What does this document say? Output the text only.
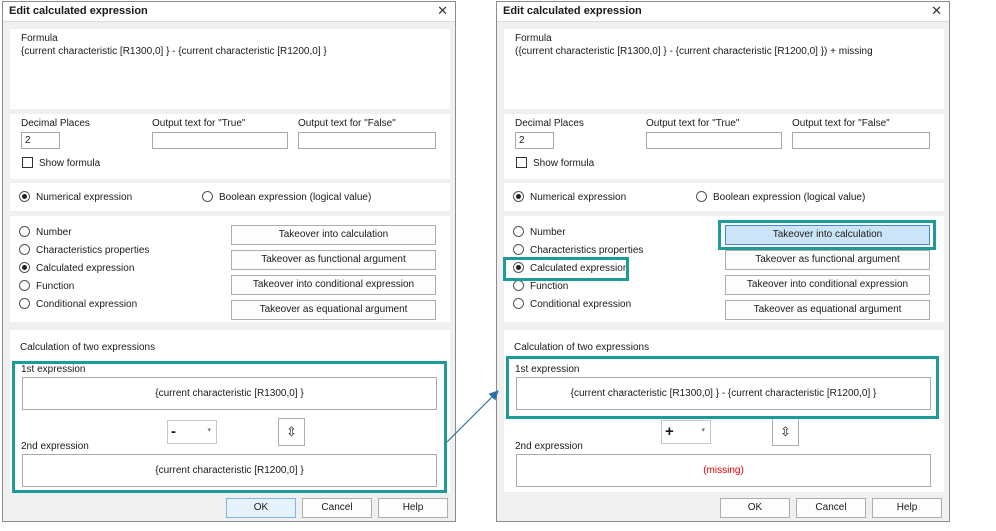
Edit calculated expression	✕
Formula
{current characteristic [R1300,0] } - {current characteristic [R1200,0] }
Decimal Places
2
Output text for "True"	Output text for "False"
Show formula
Numerical expression	Boolean expression (logical value)
Number
Characteristics properties
Calculated expression
Function
Conditional expression
Takeover into calculation
Takeover as functional argument
Takeover into conditional expression
Takeover as equational argument
Calculation of two expressions
1st expression
{current characteristic [R1300,0] }
-	▾	⇳
2nd expression
{current characteristic [R1200,0] }
OK	Cancel	Help
Edit calculated expression	✕
Formula
({current characteristic [R1300,0] } - {current characteristic [R1200,0] }) + missing
Decimal Places
2
Output text for "True"	Output text for "False"
Show formula
Numerical expression	Boolean expression (logical value)
Number
Characteristics properties
Calculated expression
Function
Conditional expression
Takeover into calculation
Takeover as functional argument
Takeover into conditional expression
Takeover as equational argument
Calculation of two expressions
1st expression
{current characteristic [R1300,0] } - {current characteristic [R1200,0] }
+	▾	⇳
2nd expression
(missing)
OK	Cancel	Help
